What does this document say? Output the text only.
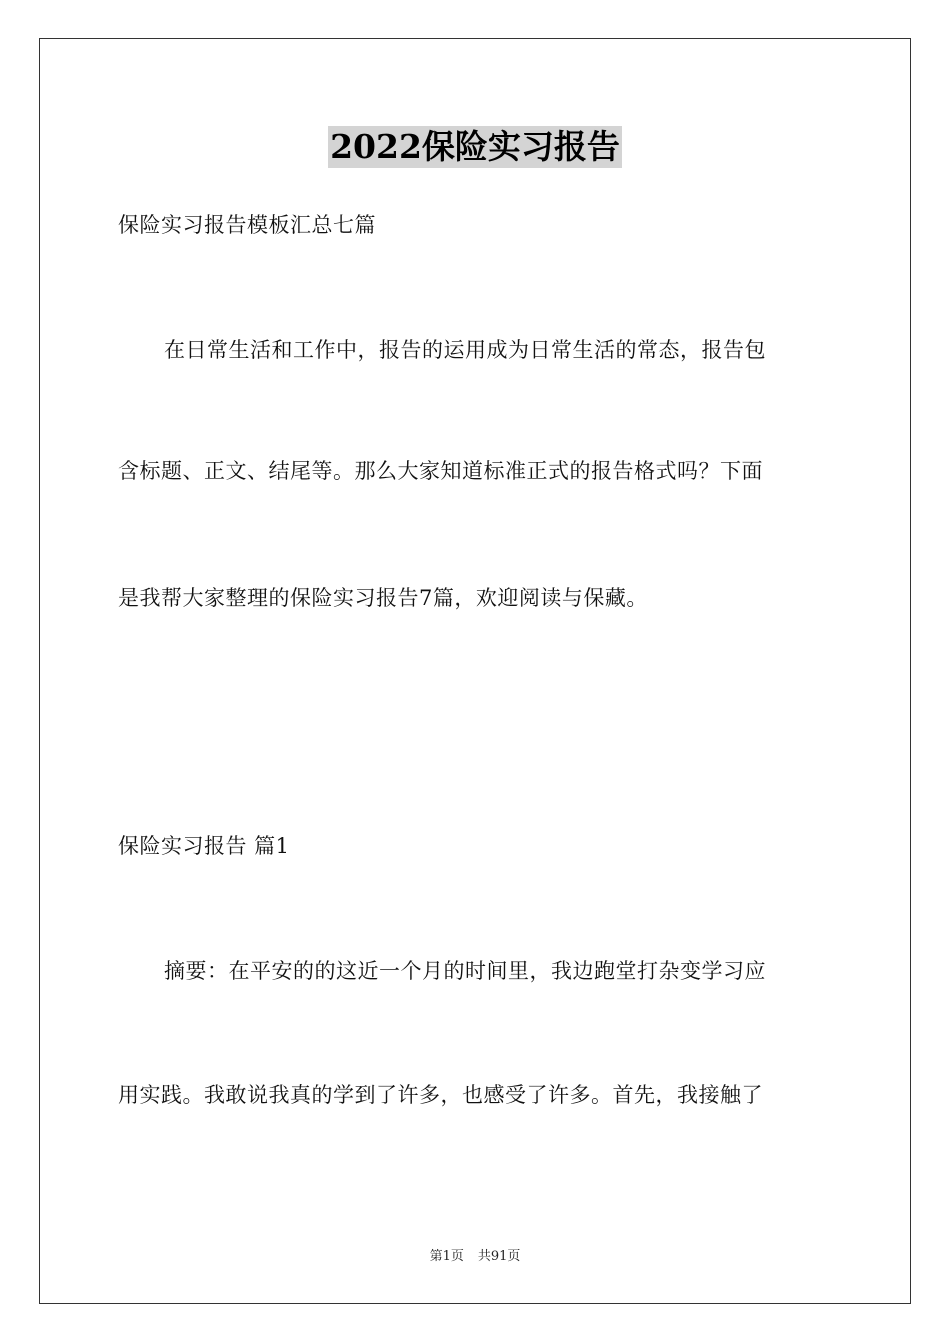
2022保险实习报告
保险实习报告模板汇总七篇
在日常生活和工作中，报告的运用成为日常生活的常态，报告包
含标题、正文、结尾等。那么大家知道标准正式的报告格式吗？下面
是我帮大家整理的保险实习报告7篇，欢迎阅读与保藏。
保险实习报告 篇1
摘要：在平安的的这近一个月的时间里，我边跑堂打杂变学习应
用实践。我敢说我真的学到了许多，也感受了许多。首先，我接触了
第1页 共91页
